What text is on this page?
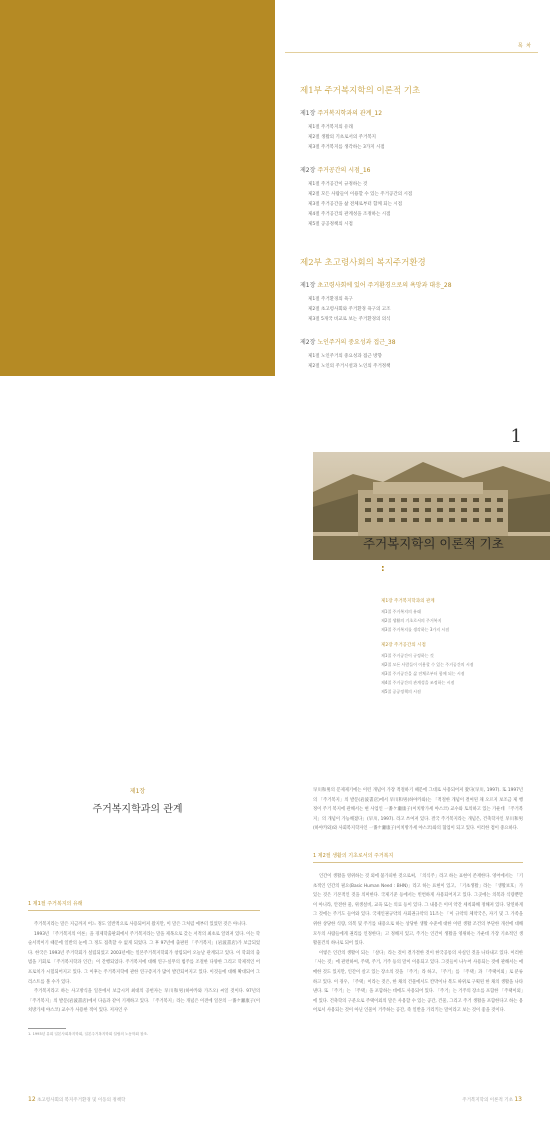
목 차
제1부 주거복지학의 이론적 기초
제1장 주거복지학과의 관계_12
제1절 주거복지의 유래
제2절 생활의 기초로서의 주거복지
제3절 주거복지를 생각하는 3가지 시점
제2장 주거공간의 시점_16
제1절 주거공간이 규정하는 것
제2절 모든 사람들이 이용할 수 있는 주거공간의 시점
제3절 주거공간을 삶 전체로부터 함께 되는 시점
제4절 주거공간의 관계성을 조정하는 시점
제5절 공공정책의 시점
제2부 초고령사회의 복지주거환경
제1장 초고령사회에 있어 주거환경으로의 욕망과 대응_28
제1절 주거환경의 욕구
제2절 초고령사회와 주거환경 욕구의 고조
제3절 5개국 비교로 보는 주거환경의 의식
제2장 노인주거의 중요성과 접근_38
제1절 노인주거의 중요성과 접근 방향
제2절 노인의 주거시설과 노인의 주거정책
1
주거복지학의 이론적 기초
:
제1장 주거복지학과의 관계
제1절 주거복지의 유래
제2절 생활의 기초로서의 주거복지
제3절 주거복지를 생각하는 3가지 시점
제2장 주거공간의 시점
제1절 주거공간이 규정하는 것
제2절 모든 사람들이 이용할 수 있는 주거공간의 시점
제3절 주거공간을 삶 전체로부터 함께 되는 시점
제4절 주거공간의 관계성을 조정하는 시점
제5절 공공정책의 시점
제1장
주거복지학과의 관계
1 제1절 주거복지의 유래

주거복지라는 말은 지금까지 어느 정도 일반적으로 사용되어져 왔지만, 이 말은 그처럼 예부터 있었던 것은 아니다.

1993년 「주거복지의 이론」을 경제학출판회에서 주거복지라는 말을 제목으로 갖는 서적의 최초로 알려져 있다. 이는 학술서적이기 때문에 일반의 눈에 그 정도 접촉할 수 없게 되었다. 그 후 97년에 출판된 「주거복지」(岩波書店)가 보급되었다. 한국은 1993년 주거학회가 설립되었고 2003년에는 일본주거복지학회가 창립되어 오늘날 관계되고 있다. 이 학회의 출범을 기회로 「주거복지학과 인간」이 간행되었다. 주거복지에 대해 연구·실무의 범주를 조절한 다양한 그리고 학제적인 어프로치가 시험되어지고 있다. 그 이후는 주거복지학에 관한 연구층지가 많이 발간되어지고 있다. 이것들에 대해 확대되어 그 리스트를 볼 수가 있다.

주거복지라고 하는 사고방식을 일본에서 보급시켜 최대의 공헌자는 早川和男(하야카와 가즈오) 씨일 것이다. 97년의 「주거복지」의 발문(岩波書店)에서 다음과 같이 기재하고 있다. 「주거복지」라는 개념은 이전에 일본의 一番ケ瀬康子(이치방가세 야스코) 교수가 사용한 적이 있다. 저자인 우

1. 1993년 유희 일본사회복지학회, 일본주거복지학회 설립의 노동학회 참조.
12 초고령사회의 복지주거환경 및 이동의 정책학

早川和男의 문제제기에는 이런 개념이 가장 적절하기 때문에 그대로 사용되어져 왔다(早川, 1997). 또 1997년의 「주거복지」의 발문(岩波書店)에서 早川和男(하야카와)는 「적절한 개념이 결여된 채 오르지 보조금 제 행정이 주거 복지에 관해서는 현 사업인 一番ケ瀬康子(이치방가세 야스코) 교수와 토의하고 있는 가운데 「주거복지」의 개념이 가능해졌다」(早川, 1997). 라고 쓰여져 있다. 결국 주거복지라는 개념은, 건축학자인 早川和男(하야카와)와 사회복지학자인 一番ケ瀬康子(이치방가세 야스코)와의 협업이 되고 있다. 이러한 점이 중요하다.

1 제2절 생활의 기초로서의 주거복지

인간이 생활을 영위하는 것 외에 불가피한 것으로써, 「의식주」라고 하는 표현이 존재한다. 영어에서는 「기초적인 인간의 필요(Basic Human Need : BHN)」라고 하는 표현이 있고, 「기초생활」라는 「생활보호」가 있는 것은 기본적인 것을 의미한다. 국제기준 등에서는 빈번하게 사용되어지고 있다. 그곳에는 의복과 식량뿐만이 아니라, 안전한 물, 위생설비, 교육 또는 의료 등이 있다. 그 내용은 이미 약간 세칙화해 정해져 있다. 당연하게 그 것에는 주거도 들어와 있다. 국제인권규약의 사회권규약의 11조는 「이 규약의 체약국은, 자기 및 그 가족을 위한 상당한 식량, 의복 및 주거를 내용으로 하는 상당한 생활 수준에 대한 이떤 생활 조건의 부단한 개선에 대해 모두의 사람들에게 권리를 인정한다」고 정해지 있고, 주거는 인간이 생활을 영위하는 가운데 가장 기초적인 생활물건의 하나로 되어 있다.

이렇은 인간의 생활이 되는 「살다」라는 것이 결가결한 것이 한국공통의 사실인 것을 나타내고 있다. 이러한 「사는 것」에 관련하여, 주택, 주거, 거주 등의 말이 이용되고 있다. 그것들이 나누어 사용되는 것에 관해서는 애매한 것도 있지만, 인간이 살고 있는 장소의 것을 「주거」라 하고, 「주거」를 「주택」과 「주택이외」로 분류하고 있다. 이 경우, 「주택」이라는 것은, 한 채의 건물에서도 칸막이나 복도 따위로 구획된 한 채의 생활을 나타낸다. 또 「주거」는 「주택」을 포함하는 데에도 사용되어 있다. 「주거」는 거주의 장소를 포함한 「주택이외」에 있다. 건축학의 구분으로 주택이외의 말은 사용할 수 있는 공간, 건물, 그리고 주거 생활을 포함한다고 하는 용어로서 사용되는 것이 아닌 인물이 거주하는 공간, 즉 일반을 가리키는 말이라고 보는 것이 좋을 것이다.

주거복지학의 이론적 기초 13
